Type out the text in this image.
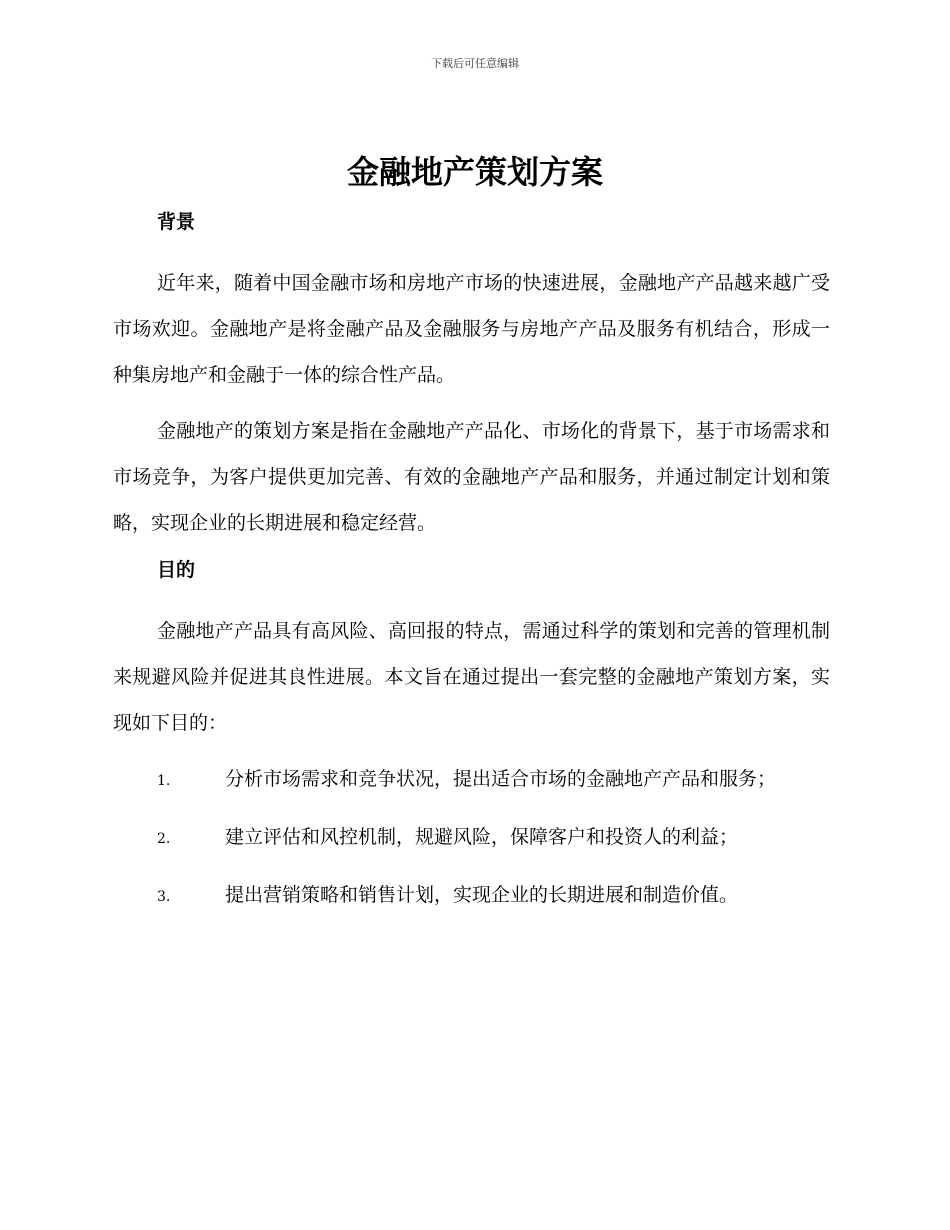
下载后可任意编辑
金融地产策划方案
背景

近年来，随着中国金融市场和房地产市场的快速进展，金融地产产品越来越广受市场欢迎。金融地产是将金融产品及金融服务与房地产产品及服务有机结合，形成一种集房地产和金融于一体的综合性产品。

金融地产的策划方案是指在金融地产产品化、市场化的背景下，基于市场需求和市场竞争，为客户提供更加完善、有效的金融地产产品和服务，并通过制定计划和策略，实现企业的长期进展和稳定经营。

目的

金融地产产品具有高风险、高回报的特点，需通过科学的策划和完善的管理机制来规避风险并促进其良性进展。本文旨在通过提出一套完整的金融地产策划方案，实现如下目的：

1.	分析市场需求和竞争状况，提出适合市场的金融地产产品和服务；

2.	建立评估和风控机制，规避风险，保障客户和投资人的利益；

3.	提出营销策略和销售计划，实现企业的长期进展和制造价值。
